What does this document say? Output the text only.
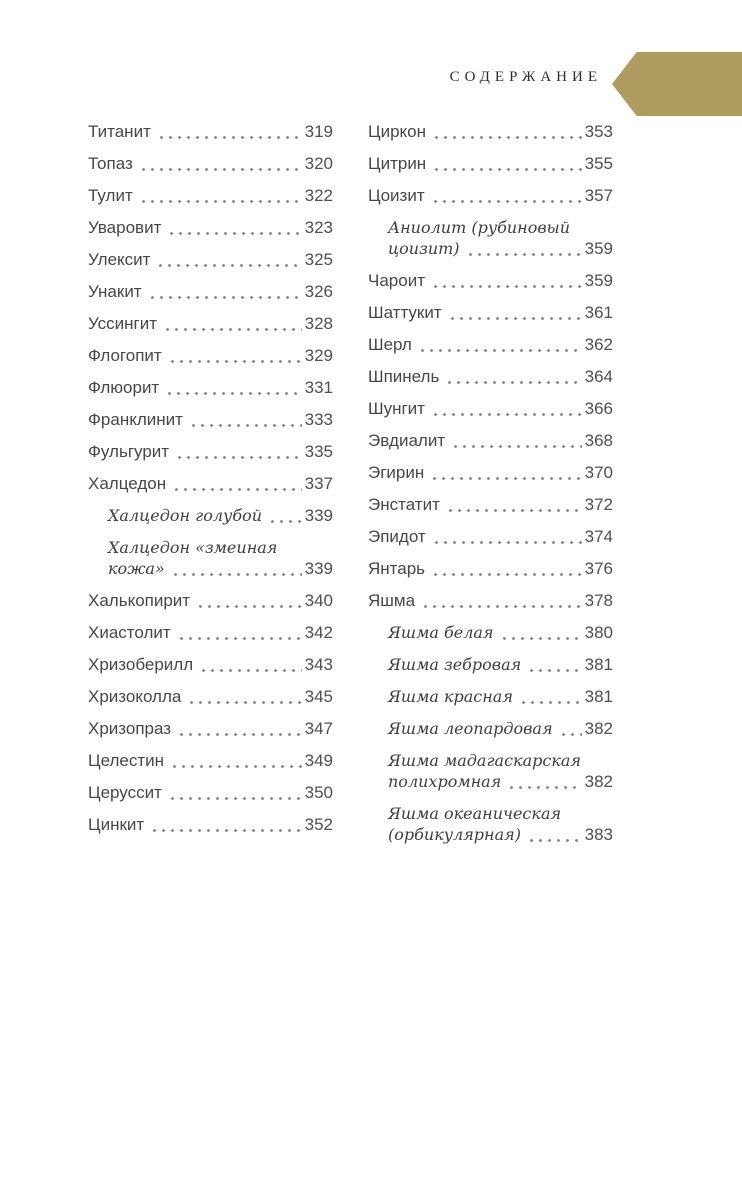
СОДЕРЖАНИЕ
Титанит	319
Топаз	320
Тулит	322
Уваровит	323
Улексит	325
Унакит	326
Уссингит	328
Флогопит	329
Флюорит	331
Франклинит	333
Фульгурит	335
Халцедон	337
Халцедон голубой	339
Халцедон «змеиная
кожа»	339
Халькопирит	340
Хиастолит	342
Хризоберилл	343
Хризоколла	345
Хризопраз	347
Целестин	349
Церуссит	350
Цинкит	352
Циркон	353
Цитрин	355
Цоизит	357
Аниолит (рубиновый
цоизит)	359
Чароит	359
Шаттукит	361
Шерл	362
Шпинель	364
Шунгит	366
Эвдиалит	368
Эгирин	370
Энстатит	372
Эпидот	374
Янтарь	376
Яшма	378
Яшма белая	380
Яшма зебровая	381
Яшма красная	381
Яшма леопардовая 382
Яшма мадагаскарская
полихромная	382
Яшма океаническая
(орбикулярная)	383
